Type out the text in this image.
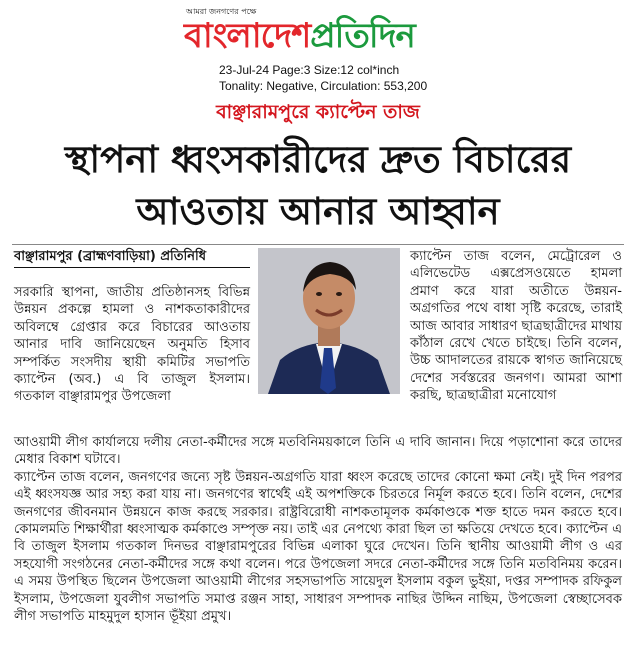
আমরা জনগণের পক্ষে
বাংলাদেশপ্রতিদিন
23-Jul-24 Page:3 Size:12 col*inch
Tonality: Negative, Circulation: 553,200
বাঞ্ছারামপুরে ক্যাপ্টেন তাজ
স্থাপনা ধ্বংসকারীদের দ্রুত বিচারের
আওতায় আনার আহ্বান
বাঞ্ছারামপুর (ব্রাহ্মণবাড়িয়া) প্রতিনিধি

সরকারি স্থাপনা, জাতীয় প্রতিষ্ঠানসহ বিভিন্ন উন্নয়ন প্রকল্পে হামলা ও নাশকতাকারীদের অবিলম্বে গ্রেপ্তার করে বিচারের আওতায় আনার দাবি জানিয়েছেন অনুমতি হিসাব সম্পর্কিত সংসদীয় স্থায়ী কমিটির সভাপতি ক্যাপ্টেন (অব.) এ বি তাজুল ইসলাম। গতকাল বাঞ্ছারামপুর উপজেলা

ক্যাপ্টেন তাজ বলেন, মেট্রোরেল ও এলিভেটেড এক্সপ্রেসওয়েতে হামলা প্রমাণ করে যারা অতীতে উন্নয়ন-অগ্রগতির পথে বাধা সৃষ্টি করেছে, তারাই আজ আবার সাধারণ ছাত্রছাত্রীদের মাথায় কাঁঠাল রেখে খেতে চাইছে। তিনি বলেন, উচ্চ আদালতের রায়কে স্বাগত জানিয়েছে দেশের সর্বস্তরের জনগণ। আমরা আশা করছি, ছাত্রছাত্রীরা মনোযোগ

আওয়ামী লীগ কার্যালয়ে দলীয় নেতা-কর্মীদের সঙ্গে মতবিনিময়কালে তিনি এ দাবি জানান। দিয়ে পড়াশোনা করে তাদের মেধার বিকাশ ঘটাবে।

ক্যাপ্টেন তাজ বলেন, জনগণের জন্যে সৃষ্ট উন্নয়ন-অগ্রগতি যারা ধ্বংস করেছে তাদের কোনো ক্ষমা নেই। দুই দিন পরপর এই ধ্বংসযজ্ঞ আর সহ্য করা যায় না। জনগণের স্বার্থেই এই অপশক্তিকে চিরতরে নির্মূল করতে হবে। তিনি বলেন, দেশের জনগণের জীবনমান উন্নয়নে কাজ করছে সরকার। রাষ্ট্রবিরোধী নাশকতামূলক কর্মকাণ্ডকে শক্ত হাতে দমন করতে হবে। কোমলমতি শিক্ষার্থীরা ধ্বংসাত্মক কর্মকাণ্ডে সম্পৃক্ত নয়। তাই এর নেপথ্যে কারা ছিল তা ক্ষতিয়ে দেখতে হবে। ক্যাপ্টেন এ বি তাজুল ইসলাম গতকাল দিনভর বাঞ্ছারামপুরের বিভিন্ন এলাকা ঘুরে দেখেন। তিনি স্থানীয় আওয়ামী লীগ ও এর সহযোগী সংগঠনের নেতা-কর্মীদের সঙ্গে কথা বলেন। পরে উপজেলা সদরে নেতা-কর্মীদের সঙ্গে তিনি মতবিনিময় করেন। এ সময় উপস্থিত ছিলেন উপজেলা আওয়ামী লীগের সহসভাপতি সায়েদুল ইসলাম বকুল ভুইয়া, দপ্তর সম্পাদক রফিকুল ইসলাম, উপজেলা যুবলীগ সভাপতি সমাপ্ত রঞ্জন সাহা, সাধারণ সম্পাদক নাছির উদ্দিন নাছিম, উপজেলা স্বেচ্ছাসেবক লীগ সভাপতি মাহমুদুল হাসান ভূঁইয়া প্রমুখ।
